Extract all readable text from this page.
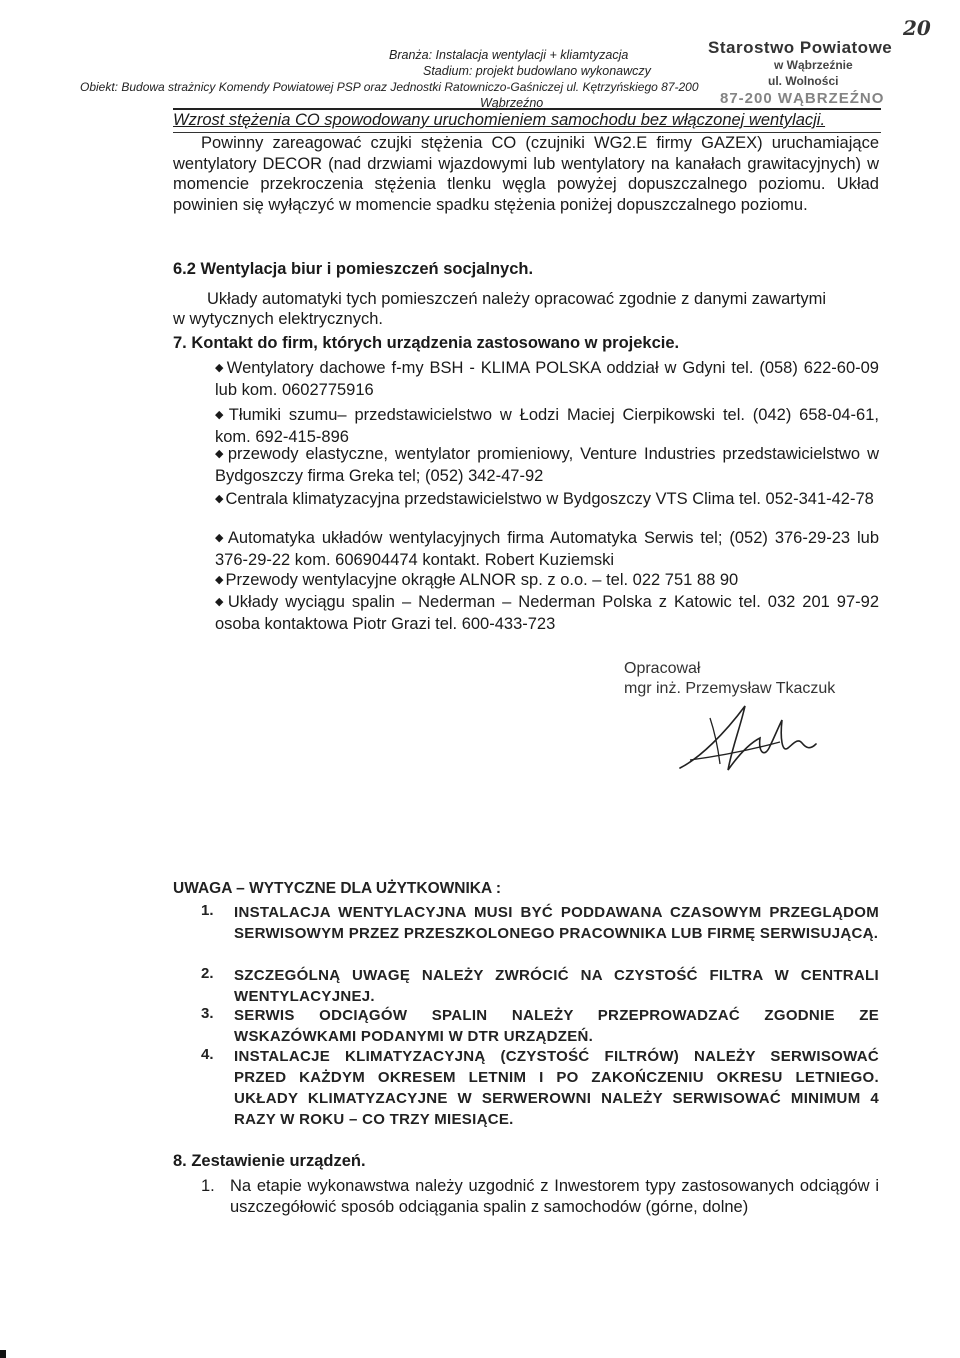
20
Branża: Instalacja wentylacji + kliamtyzacja
Stadium: projekt budowlano wykonawczy
Obiekt: Budowa strażnicy Komendy Powiatowej PSP oraz Jednostki Ratowniczo-Gaśniczej ul. Kętrzyńskiego 87-200
Wąbrzeźno
Starostwo Powiatowe
w Wąbrzeźnie
ul. Wolności
87-200 WĄBRZEŹNO
Wzrost stężenia CO spowodowany uruchomieniem samochodu bez włączonej wentylacji.
Powinny zareagować czujki stężenia CO (czujniki WG2.E firmy GAZEX) uruchamiające wentylatory DECOR (nad drzwiami wjazdowymi lub wentylatory na kanałach grawitacyjnych) w momencie przekroczenia stężenia tlenku węgla powyżej dopuszczalnego poziomu. Układ powinien się wyłączyć w momencie spadku stężenia poniżej dopuszczalnego poziomu.
6.2 Wentylacja biur i pomieszczeń socjalnych.
Układy automatyki tych pomieszczeń należy opracować zgodnie z danymi zawartymi
w wytycznych elektrycznych.
7. Kontakt do firm, których urządzenia zastosowano w projekcie.
◆ Wentylatory dachowe f-my BSH - KLIMA POLSKA oddział w Gdyni tel. (058) 622-60-09 lub kom. 0602775916
◆ Tłumiki szumu– przedstawicielstwo w Łodzi Maciej Cierpikowski tel. (042) 658-04-61, kom. 692-415-896
◆ przewody elastyczne, wentylator promieniowy, Venture Industries przedstawicielstwo w Bydgoszczy firma Greka tel; (052) 342-47-92
◆ Centrala klimatyzacyjna przedstawicielstwo w Bydgoszczy VTS Clima tel. 052-341-42-78
◆ Automatyka układów wentylacyjnych firma Automatyka Serwis tel; (052) 376-29-23 lub 376-29-22 kom. 606904474 kontakt. Robert Kuziemski
◆ Przewody wentylacyjne okrągłe ALNOR sp. z o.o. – tel. 022 751 88 90
◆ Układy wyciągu spalin – Nederman – Nederman Polska z Katowic tel. 032 201 97-92 osoba kontaktowa Piotr Grazi tel. 600-433-723
Opracował
mgr inż. Przemysław Tkaczuk
UWAGA – WYTYCZNE DLA UŻYTKOWNIKA :
1. INSTALACJA WENTYLACYJNA MUSI BYĆ PODDAWANA CZASOWYM PRZEGLĄDOM SERWISOWYM PRZEZ PRZESZKOLONEGO PRACOWNIKA LUB FIRMĘ SERWISUJĄCĄ.
2. SZCZEGÓLNĄ UWAGĘ NALEŻY ZWRÓCIĆ NA CZYSTOŚĆ FILTRA W CENTRALI WENTYLACYJNEJ.
3. SERWIS ODCIĄGÓW SPALIN NALEŻY PRZEPROWADZAĆ ZGODNIE ZE WSKAZÓWKAMI PODANYMI W DTR URZĄDZEŃ.
4. INSTALACJE KLIMATYZACYJNĄ (CZYSTOŚĆ FILTRÓW) NALEŻY SERWISOWAĆ PRZED KAŻDYM OKRESEM LETNIM I PO ZAKOŃCZENIU OKRESU LETNIEGO. UKŁADY KLIMATYZACYJNE W SERWEROWNI NALEŻY SERWISOWAĆ MINIMUM 4 RAZY W ROKU – CO TRZY MIESIĄCE.
8. Zestawienie urządzeń.
1. Na etapie wykonawstwa należy uzgodnić z Inwestorem typy zastosowanych odciągów i uszczegółowić sposób odciągania spalin z samochodów (górne, dolne)
